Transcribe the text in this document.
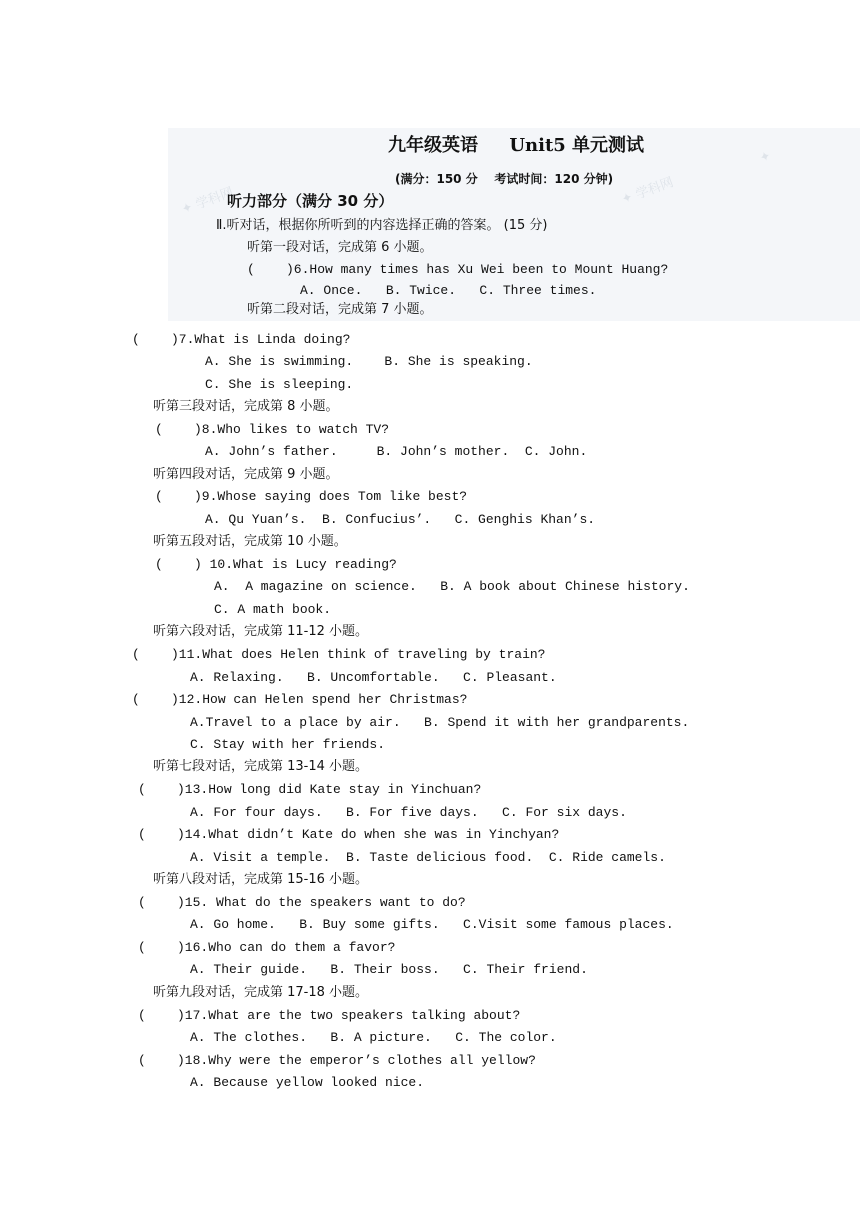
✦ 学科网	✦ 学科网
✦
九年级英语     Unit5 单元测试
(满分：150 分    考试时间：120 分钟)
听力部分（满分 30 分）
Ⅱ.听对话，根据你所听到的内容选择正确的答案。 (15 分)
听第一段对话，完成第 6 小题。
(    )6.How many times has Xu Wei been to Mount Huang?
A. Once.   B. Twice.   C. Three times.
听第二段对话，完成第 7 小题。
(    )7.What is Linda doing?
A. She is swimming.    B. She is speaking.
C. She is sleeping.
听第三段对话，完成第 8 小题。
(    )8.Who likes to watch TV?
A. John’s father.     B. John’s mother.  C. John.
听第四段对话，完成第 9 小题。
(    )9.Whose saying does Tom like best?
A. Qu Yuan’s.  B. Confucius’.   C. Genghis Khan’s.
听第五段对话，完成第 10 小题。
(    ) 10.What is Lucy reading?
A.  A magazine on science.   B. A book about Chinese history.
C. A math book.
听第六段对话，完成第 11-12 小题。
(    )11.What does Helen think of traveling by train?
A. Relaxing.   B. Uncomfortable.   C. Pleasant.
(    )12.How can Helen spend her Christmas?
A.Travel to a place by air.   B. Spend it with her grandparents.
C. Stay with her friends.
听第七段对话，完成第 13-14 小题。
(    )13.How long did Kate stay in Yinchuan?
A. For four days.   B. For five days.   C. For six days.
(    )14.What didn’t Kate do when she was in Yinchyan?
A. Visit a temple.  B. Taste delicious food.  C. Ride camels.
听第八段对话，完成第 15-16 小题。
(    )15. What do the speakers want to do?
A. Go home.   B. Buy some gifts.   C.Visit some famous places.
(    )16.Who can do them a favor?
A. Their guide.   B. Their boss.   C. Their friend.
听第九段对话，完成第 17-18 小题。
(    )17.What are the two speakers talking about?
A. The clothes.   B. A picture.   C. The color.
(    )18.Why were the emperor’s clothes all yellow?
A. Because yellow looked nice.
